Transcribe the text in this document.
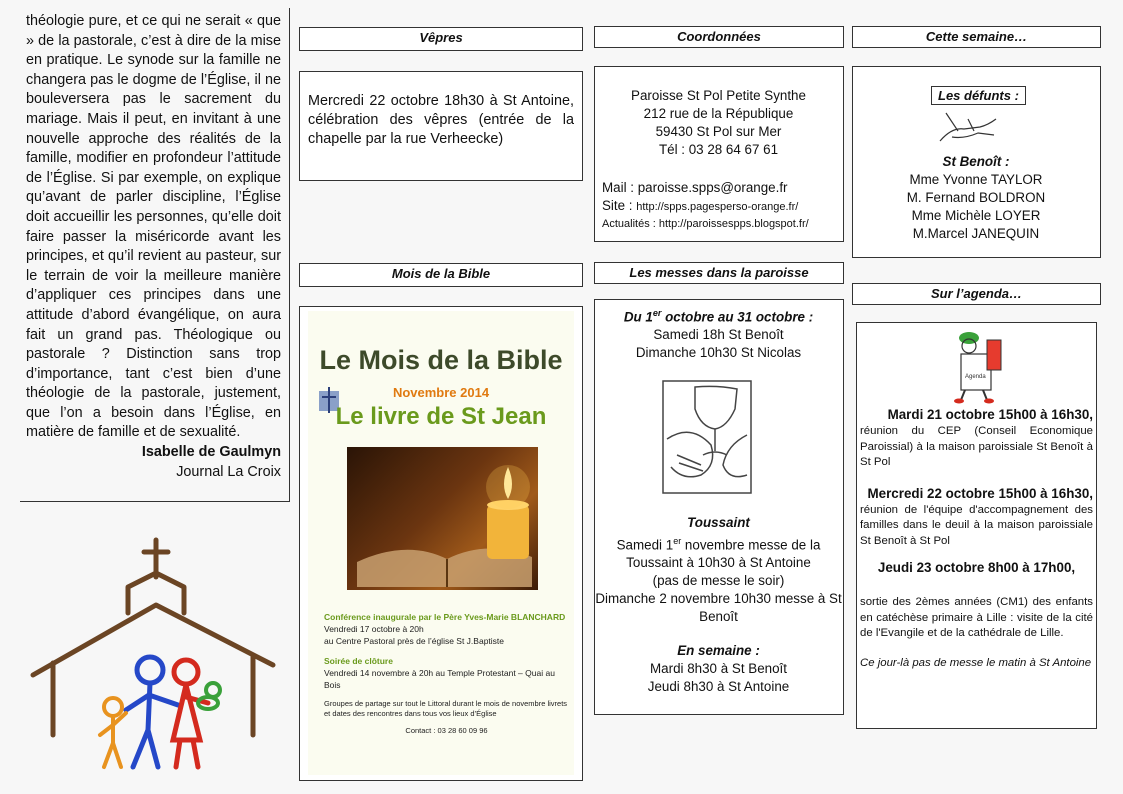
théologie pure, et ce qui ne serait « que » de la pastorale, c’est à dire de la mise en pratique. Le synode sur la famille ne changera pas le dogme de l’Église, il ne bouleversera pas le sacrement du mariage. Mais il peut, en invitant à une nouvelle approche des réalités de la famille, modifier en profondeur l’attitude de l’Église. Si par exemple, on explique qu’avant de parler discipline, l’Église doit accueillir les personnes, qu’elle doit faire passer la miséricorde avant les principes, et qu’il revient au pasteur, sur le terrain de voir la meilleure manière d’appliquer ces principes dans une attitude d’abord évangélique, on aura fait un grand pas. Théologique ou pastorale ? Distinction sans trop d’importance, tant c’est bien d’une théologie de la pastorale, justement, que l’on a besoin dans l’Église, en matière de famille et de sexualité.

Isabelle de Gaulmyn
Journal La Croix
Vêpres
Mercredi 22 octobre 18h30 à St Antoine, célébration des vêpres (entrée de la chapelle par la rue Verheecke)
Mois de la Bible
Le Mois de la Bible
Novembre 2014
Le livre de St Jean
Conférence inaugurale par le Père Yves-Marie BLANCHARD
Vendredi 17 octobre à 20h
au Centre Pastoral près de l’église St J.Baptiste
Soirée de clôture
Vendredi 14 novembre à 20h au Temple Protestant – Quai au Bois
Groupes de partage sur tout le Littoral durant le mois de novembre livrets et dates des rencontres dans tous vos lieux d’Église
Contact : 03 28 60 09 96
Coordonnées
Paroisse St Pol Petite Synthe
212 rue de la République
59430 St Pol sur Mer
Tél : 03 28 64 67 61
Mail : paroisse.spps@orange.fr
Site : http://spps.pagesperso-orange.fr/
Actualités : http://paroissespps.blogspot.fr/
Les messes dans la paroisse
Du 1er octobre au 31 octobre :
Samedi 18h St Benoît
Dimanche 10h30 St Nicolas
Toussaint
Samedi 1er novembre messe de la Toussaint à 10h30 à St Antoine
(pas de messe le soir)
Dimanche 2 novembre 10h30 messe à St Benoît
En semaine :
Mardi 8h30 à St Benoît
Jeudi 8h30 à St Antoine
Cette semaine…
Les défunts :
St Benoît :
Mme Yvonne TAYLOR
M. Fernand BOLDRON
Mme Michèle LOYER
M.Marcel JANEQUIN
Sur l’agenda…
Agenda

Mardi 21 octobre 15h00 à 16h30,

réunion du CEP (Conseil Economique Paroissial) à la maison paroissiale St Benoît à St Pol

Mercredi 22 octobre 15h00 à 16h30,

réunion de l'équipe d'accompagnement des familles dans le deuil à la maison paroissiale St Benoît à St Pol

Jeudi 23 octobre 8h00 à 17h00,

sortie des 2èmes années (CM1) des enfants en catéchèse primaire à Lille : visite de la cité de l'Evangile et de la cathédrale de Lille.

Ce jour-là pas de messe le matin à St Antoine
